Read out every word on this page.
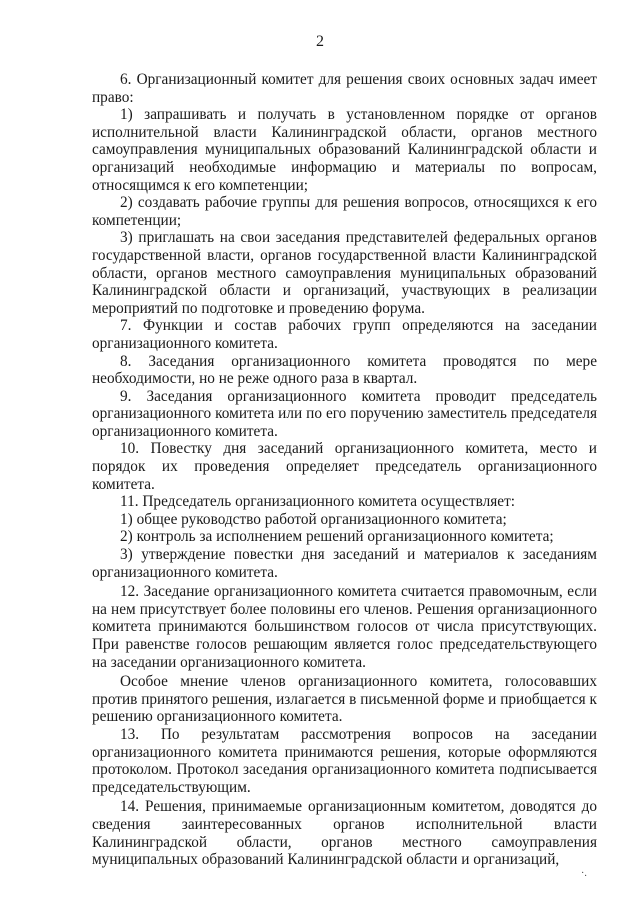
2

6. Организационный комитет для решения своих основных задач имеет право:

1) запрашивать и получать в установленном порядке от органов исполнительной власти Калининградской области, органов местного самоуправления муниципальных образований Калининградской области и организаций необходимые информацию и материалы по вопросам, относящимся к его компетенции;

2) создавать рабочие группы для решения вопросов, относящихся к его компетенции;

3) приглашать на свои заседания представителей федеральных органов государственной власти, органов государственной власти Калининградской области, органов местного самоуправления муниципальных образований Калининградской области и организаций, участвующих в реализации мероприятий по подготовке и проведению форума.

7. Функции и состав рабочих групп определяются на заседании организационного комитета.

8. Заседания организационного комитета проводятся по мере необходимости, но не реже одного раза в квартал.

9. Заседания организационного комитета проводит председатель организационного комитета или по его поручению заместитель председателя организационного комитета.

10. Повестку дня заседаний организационного комитета, место и порядок их проведения определяет председатель организационного комитета.

11. Председатель организационного комитета осуществляет:

1) общее руководство работой организационного комитета;

2) контроль за исполнением решений организационного комитета;

3) утверждение повестки дня заседаний и материалов к заседаниям организационного комитета.

12. Заседание организационного комитета считается правомочным, если на нем присутствует более половины его членов. Решения организационного комитета принимаются большинством голосов от числа присутствующих. При равенстве голосов решающим является голос председательствующего на заседании организационного комитета.

Особое мнение членов организационного комитета, голосовавших против принятого решения, излагается в письменной форме и приобщается к решению организационного комитета.

13. По результатам рассмотрения вопросов на заседании организационного комитета принимаются решения, которые оформляются протоколом. Протокол заседания организационного комитета подписывается председательствующим.

14. Решения, принимаемые организационным комитетом, доводятся до сведения заинтересованных органов исполнительной власти Калининградской области, органов местного самоуправления муниципальных образований Калининградской области и организаций,

·.
